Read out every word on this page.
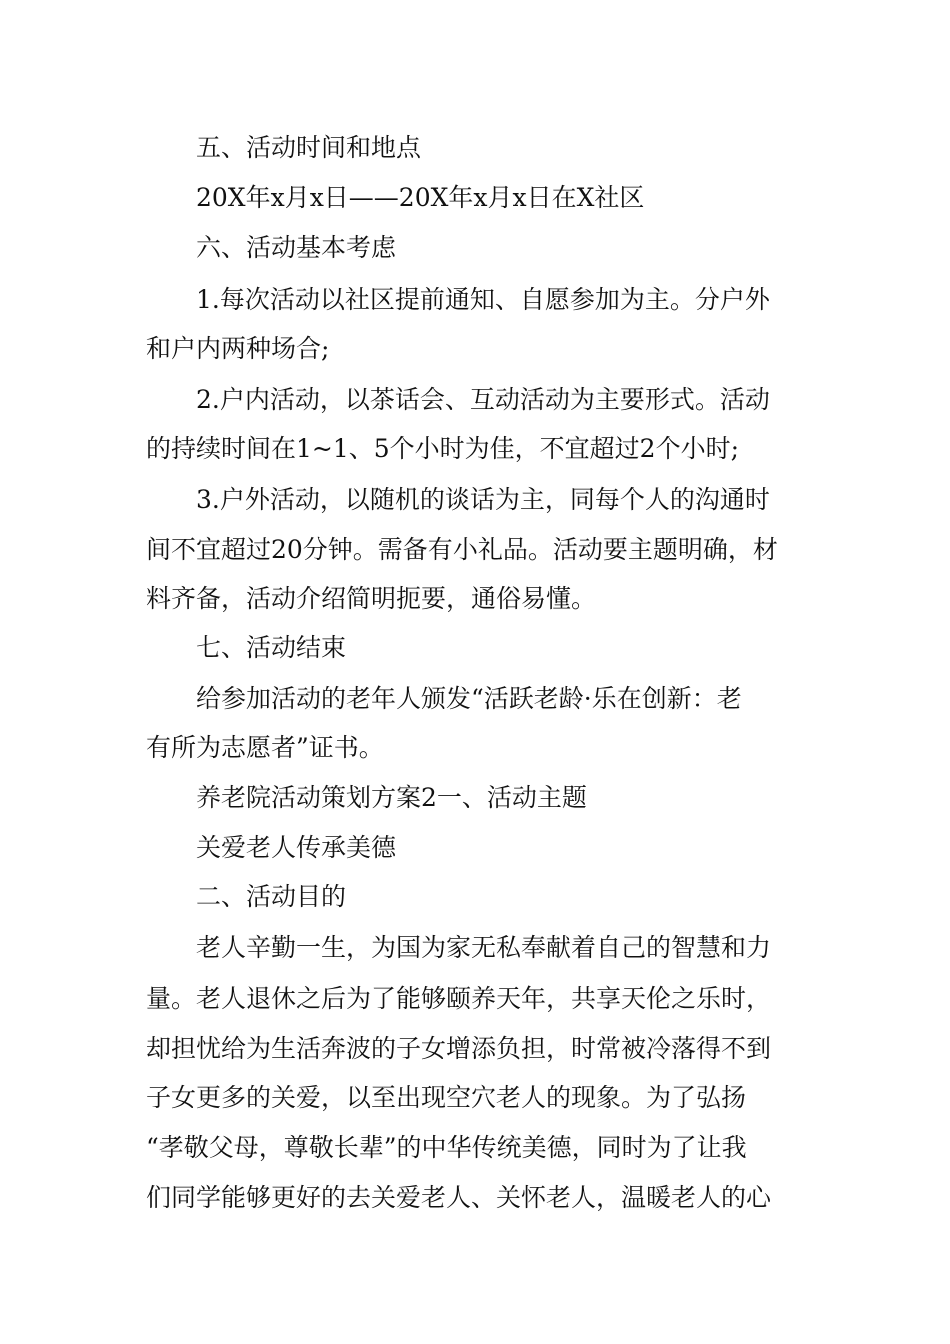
五、活动时间和地点
20X年x月x日——20X年x月x日在X社区
六、活动基本考虑
1.每次活动以社区提前通知、自愿参加为主。分户外
和户内两种场合;
2.户内活动，以茶话会、互动活动为主要形式。活动
的持续时间在1~1、5个小时为佳，不宜超过2个小时;
3.户外活动，以随机的谈话为主，同每个人的沟通时
间不宜超过20分钟。需备有小礼品。活动要主题明确，材
料齐备，活动介绍简明扼要，通俗易懂。
七、活动结束
给参加活动的老年人颁发“活跃老龄·乐在创新：老
有所为志愿者”证书。
养老院活动策划方案2一、活动主题
关爱老人传承美德
二、活动目的
老人辛勤一生，为国为家无私奉献着自己的智慧和力
量。老人退休之后为了能够颐养天年，共享天伦之乐时，
却担忧给为生活奔波的子女增添负担，时常被冷落得不到
子女更多的关爱，以至出现空穴老人的现象。为了弘扬
“孝敬父母，尊敬长辈”的中华传统美德，同时为了让我
们同学能够更好的去关爱老人、关怀老人，温暖老人的心
